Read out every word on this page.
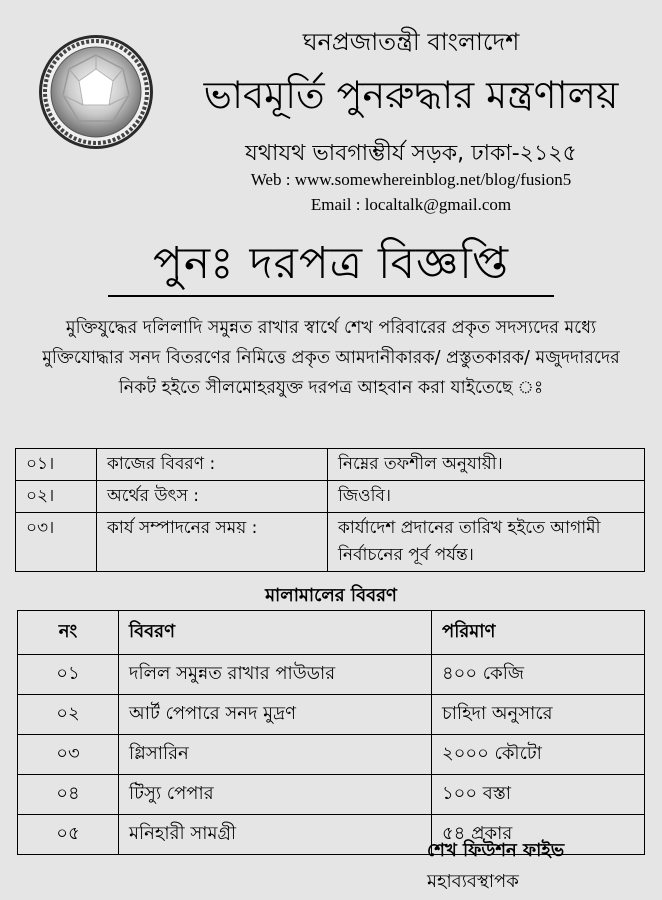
ঘনপ্রজাতন্ত্রী বাংলাদেশ
ভাবমূর্তি পুনরুদ্ধার মন্ত্রণালয়
যথাযথ ভাবগাম্ভীর্য সড়ক, ঢাকা-২১২৫
Web : www.somewhereinblog.net/blog/fusion5
Email : localtalk@gmail.com
পুনঃ দরপত্র বিজ্ঞপ্তি
মুক্তিযুদ্ধের দলিলাদি সমুন্নত রাখার স্বার্থে শেখ পরিবারের প্রকৃত সদস্যদের মধ্যে মুক্তিযোদ্ধার সনদ বিতরণের নিমিত্তে প্রকৃত আমদানীকারক/ প্রস্তুতকারক/ মজুদদারদের নিকট হইতে সীলমোহরযুক্ত দরপত্র আহবান করা যাইতেছে ঃ
০১।	কাজের বিবরণ :	নিম্নের তফশীল অনুযায়ী।
০২।	অর্থের উৎস :	জিওবি।
০৩।	কার্য সম্পাদনের সময় :	কার্যাদেশ প্রদানের তারিখ হইতে আগামী নির্বাচনের পূর্ব পর্যন্ত।
মালামালের বিবরণ
নং	বিবরণ	পরিমাণ
০১	দলিল সমুন্নত রাখার পাউডার	৪০০ কেজি
০২	আর্ট পেপারে সনদ মুদ্রণ	চাহিদা অনুসারে
০৩	গ্লিসারিন	২০০০ কৌটো
০৪	টিস্যু পেপার	১০০ বস্তা
০৫	মনিহারী সামগ্রী	৫৪ প্রকার
শেখ ফিউশন ফাইভ
মহাব্যবস্থাপক
